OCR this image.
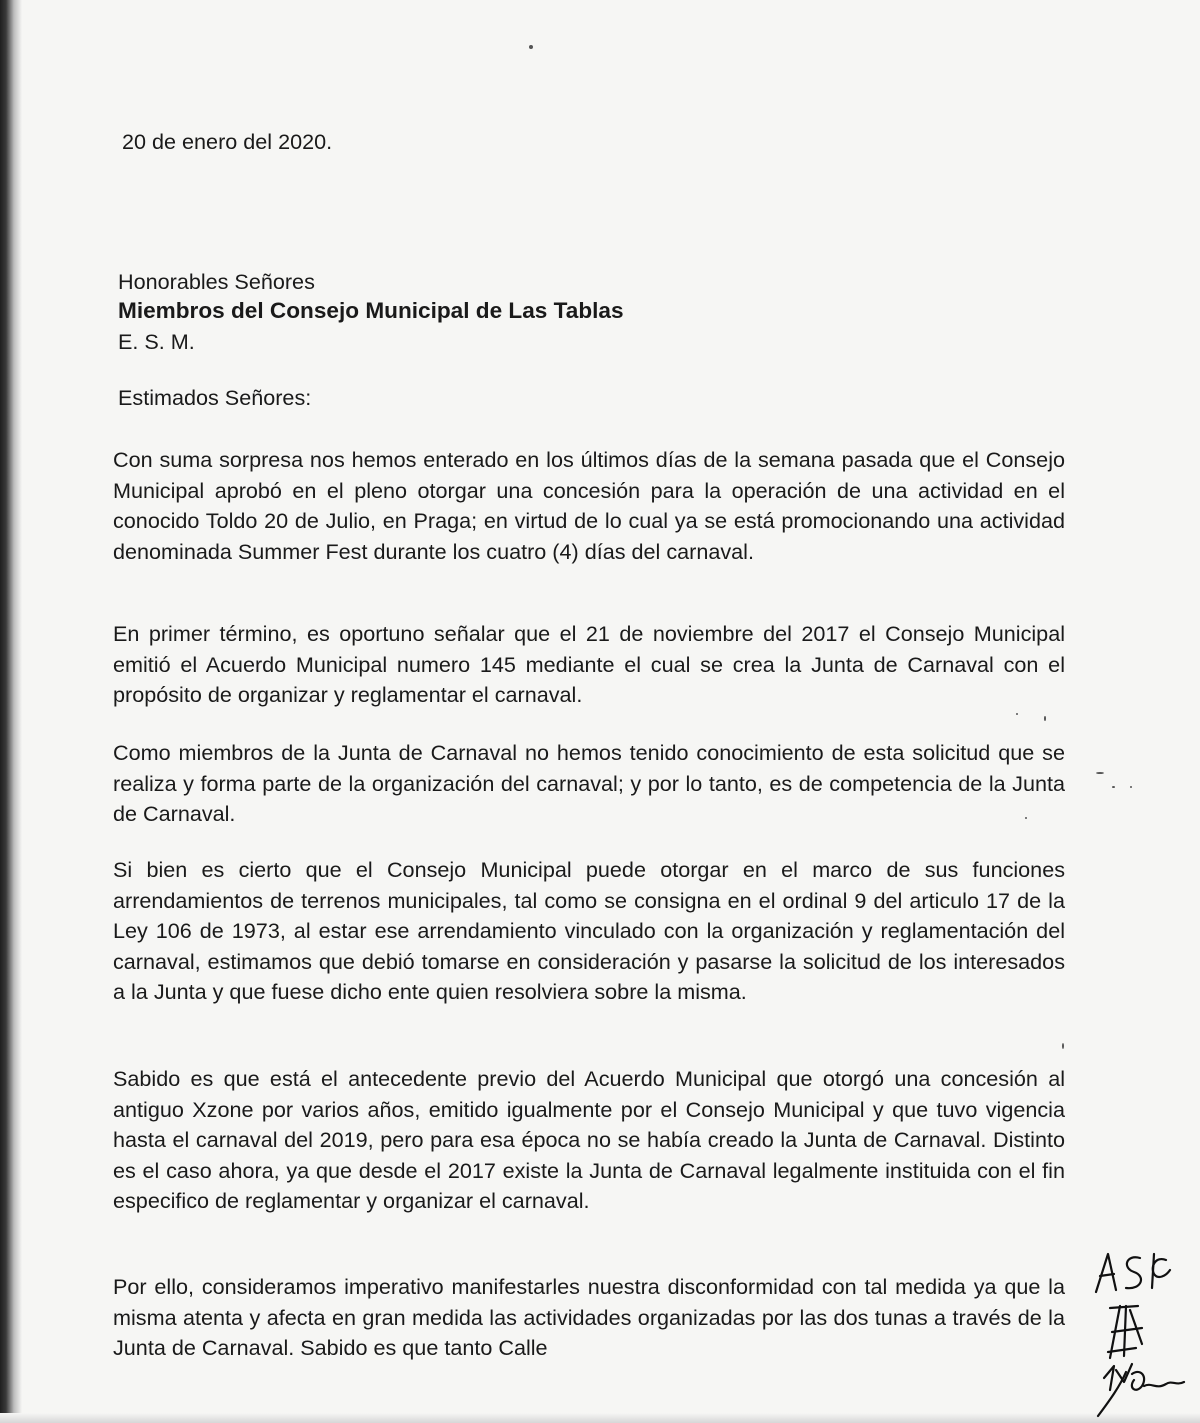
20 de enero del 2020.
Honorables Señores
Miembros del Consejo Municipal de Las Tablas
E. S. M.
Estimados Señores:
Con suma sorpresa nos hemos enterado en los últimos días de la semana pasada que el Consejo Municipal aprobó en el pleno otorgar una concesión para la operación de una actividad en el conocido Toldo 20 de Julio, en Praga; en virtud de lo cual ya se está promocionando una actividad denominada Summer Fest durante los cuatro (4) días del carnaval.
En primer término, es oportuno señalar que el 21 de noviembre del 2017 el Consejo Municipal emitió el Acuerdo Municipal numero 145 mediante el cual se crea la Junta de Carnaval con el propósito de organizar y reglamentar el carnaval.
Como miembros de la Junta de Carnaval no hemos tenido conocimiento de esta solicitud que se realiza y forma parte de la organización del carnaval; y por lo tanto, es de competencia de la Junta de Carnaval.
Si bien es cierto que el Consejo Municipal puede otorgar en el marco de sus funciones arrendamientos de terrenos municipales, tal como se consigna en el ordinal 9 del articulo 17 de la Ley 106 de 1973, al estar ese arrendamiento vinculado con la organización y reglamentación del carnaval, estimamos que debió tomarse en consideración y pasarse la solicitud de los interesados a la Junta y que fuese dicho ente quien resolviera sobre la misma.
Sabido es que está el antecedente previo del Acuerdo Municipal que otorgó una concesión al antiguo Xzone por varios años, emitido igualmente por el Consejo Municipal y que tuvo vigencia hasta el carnaval del 2019, pero para esa época no se había creado la Junta de Carnaval. Distinto es el caso ahora, ya que desde el 2017 existe la Junta de Carnaval legalmente instituida con el fin especifico de reglamentar y organizar el carnaval.
Por ello, consideramos imperativo manifestarles nuestra disconformidad con tal medida ya que la misma atenta y afecta en gran medida las actividades organizadas por las dos tunas a través de la Junta de Carnaval. Sabido es que tanto Calle
